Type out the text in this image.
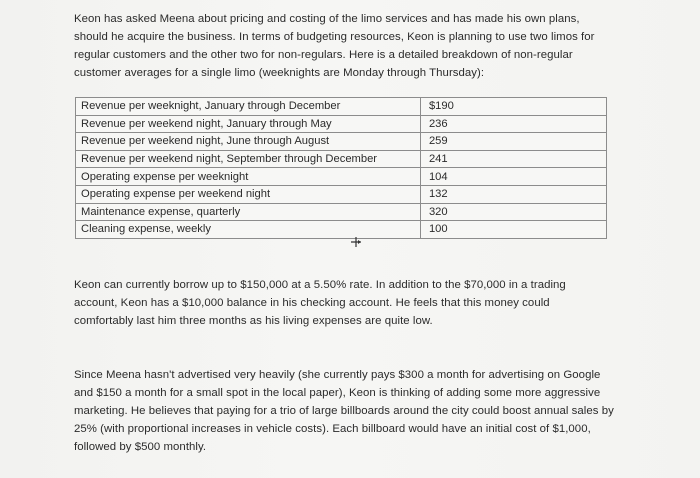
Keon has asked Meena about pricing and costing of the limo services and has made his own plans, should he acquire the business. In terms of budgeting resources, Keon is planning to use two limos for regular customers and the other two for non-regulars. Here is a detailed breakdown of non-regular customer averages for a single limo (weeknights are Monday through Thursday):

Revenue per weeknight, January through December	$190
Revenue per weekend night, January through May	236
Revenue per weekend night, June through August	259
Revenue per weekend night, September through December	241
Operating expense per weeknight	104
Operating expense per weekend night	132
Maintenance expense, quarterly	320
Cleaning expense, weekly	100

Keon can currently borrow up to $150,000 at a 5.50% rate. In addition to the $70,000 in a trading account, Keon has a $10,000 balance in his checking account. He feels that this money could comfortably last him three months as his living expenses are quite low.

Since Meena hasn't advertised very heavily (she currently pays $300 a month for advertising on Google and $150 a month for a small spot in the local paper), Keon is thinking of adding some more aggressive marketing. He believes that paying for a trio of large billboards around the city could boost annual sales by 25% (with proportional increases in vehicle costs). Each billboard would have an initial cost of $1,000, followed by $500 monthly.
